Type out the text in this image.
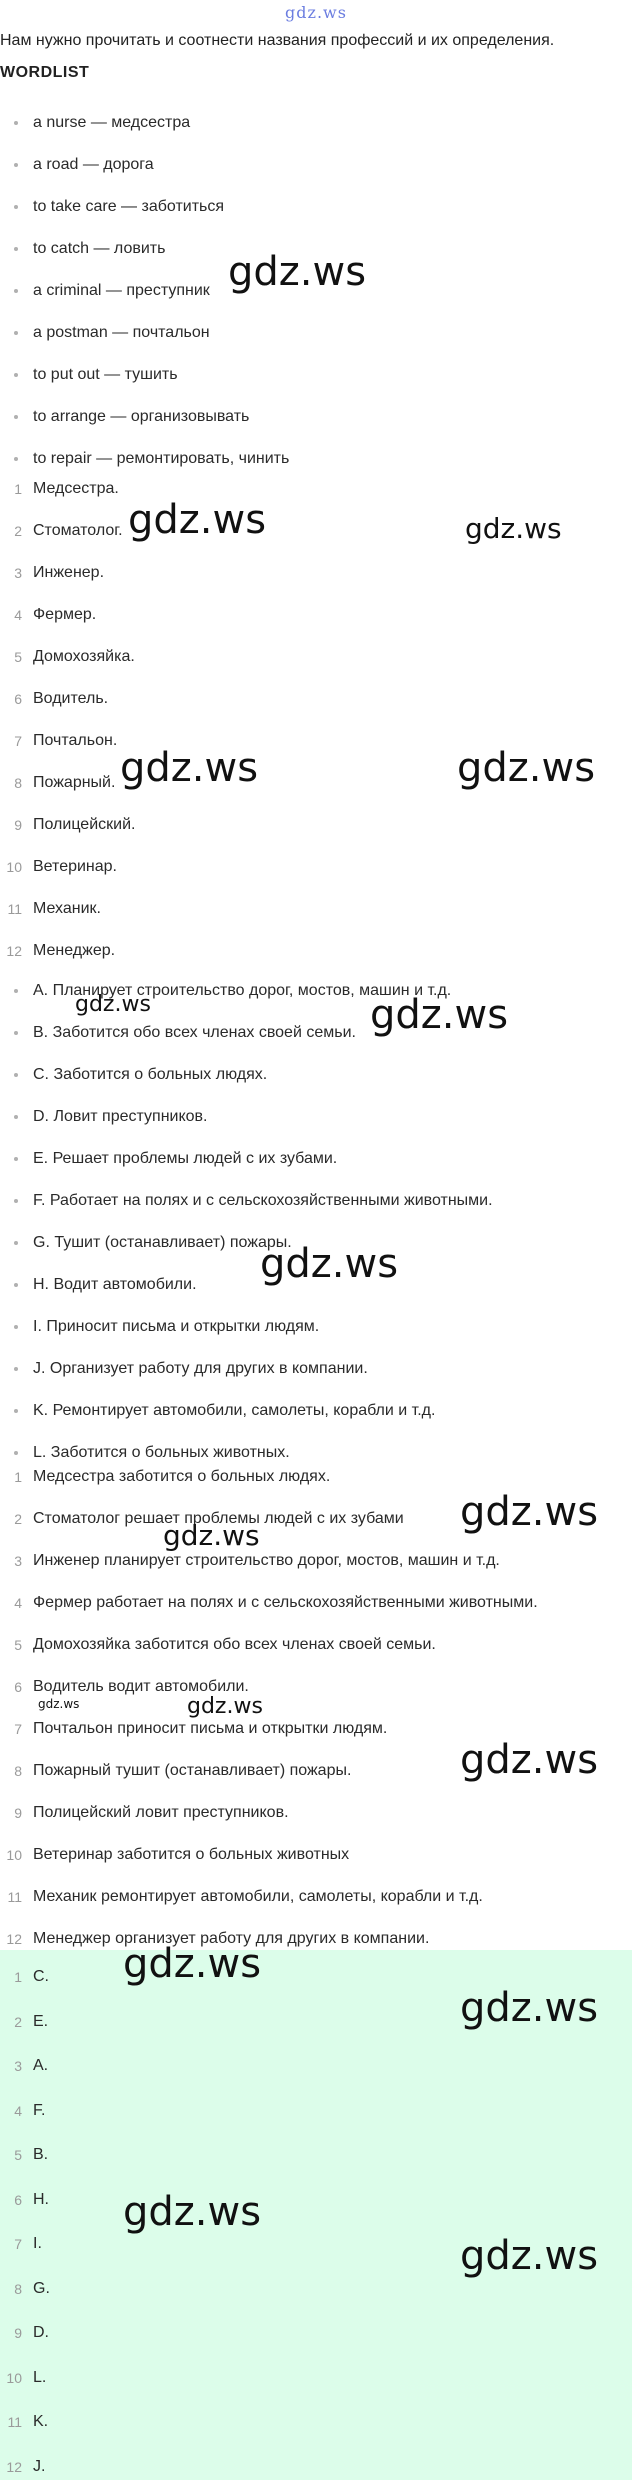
gdz.ws
Нам нужно прочитать и соотнести названия профессий и их определения.
WORDLIST
a nurse — медсестра
a road — дорога
to take care — заботиться
to catch — ловить
a criminal — преступник
a postman — почтальон
to put out — тушить
to arrange — организовывать
to repair — ремонтировать, чинить
1 Медсестра.
2 Стоматолог.
3 Инженер.
4 Фермер.
5 Домохозяйка.
6 Водитель.
7 Почтальон.
8 Пожарный.
9 Полицейский.
10 Ветеринар.
11 Механик.
12 Менеджер.
A. Планирует строительство дорог, мостов, машин и т.д.
B. Заботится обо всех членах своей семьи.
C. Заботится о больных людях.
D. Ловит преступников.
E. Решает проблемы людей с их зубами.
F. Работает на полях и с сельскохозяйственными животными.
G. Тушит (останавливает) пожары.
H. Водит автомобили.
I. Приносит письма и открытки людям.
J. Организует работу для других в компании.
K. Ремонтирует автомобили, самолеты, корабли и т.д.
L. Заботится о больных животных.
1 Медсестра заботится о больных людях.
2 Стоматолог решает проблемы людей с их зубами
3 Инженер планирует строительство дорог, мостов, машин и т.д.
4 Фермер работает на полях и с сельскохозяйственными животными.
5 Домохозяйка заботится обо всех членах своей семьи.
6 Водитель водит автомобили.
7 Почтальон приносит письма и открытки людям.
8 Пожарный тушит (останавливает) пожары.
9 Полицейский ловит преступников.
10 Ветеринар заботится о больных животных
11 Механик ремонтирует автомобили, самолеты, корабли и т.д.
12 Менеджер организует работу для других в компании.
1 C.
2 E.
3 A.
4 F.
5 B.
6 H.
7 I.
8 G.
9 D.
10 L.
11 K.
12 J.
gdz.ws
gdz.ws	gdz.ws
gdz.ws	gdz.ws
gdz.ws	gdz.ws
gdz.ws
gdz.ws
gdz.ws
gdz.ws	gdz.ws
gdz.ws
gdz.ws
gdz.ws
gdz.ws
gdz.ws
